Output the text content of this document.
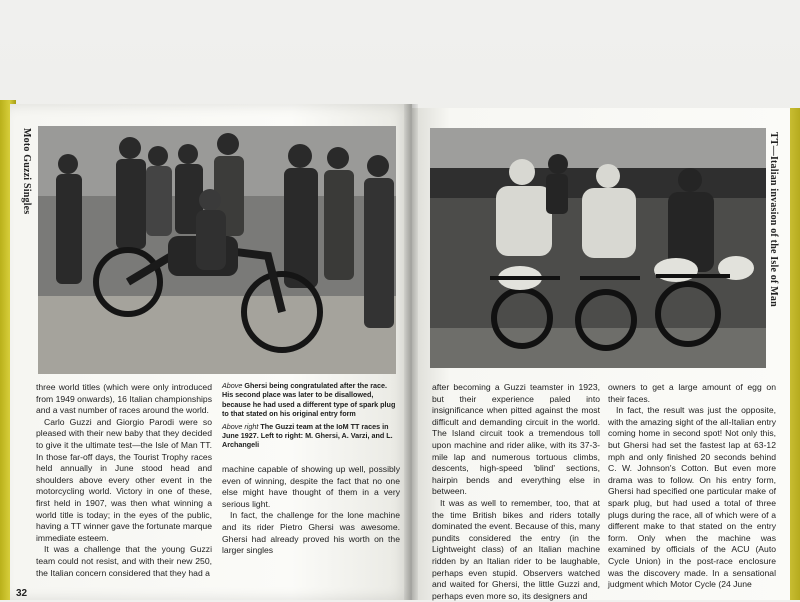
Moto Guzzi Singles	TT—Italian invasion of the Isle of Man

Above Ghersi being congratulated after the race. His second place was later to be disallowed, because he had used a different type of spark plug to that stated on his original entry form

Above right The Guzzi team at the IoM TT races in June 1927. Left to right: M. Ghersi, A. Varzi, and L. Archangeli

three world titles (which were only introduced from 1949 onwards), 16 Italian championships and a vast number of races around the world.

Carlo Guzzi and Giorgio Parodi were so pleased with their new baby that they decided to give it the ultimate test—the Isle of Man TT. In those far-off days, the Tourist Trophy races held annually in June stood head and shoulders above every other event in the motorcycling world. Victory in one of these, first held in 1907, was then what winning a world title is today; in the eyes of the public, having a TT winner gave the fortunate marque immediate esteem.

It was a challenge that the young Guzzi team could not resist, and with their new 250, the Italian concern considered that they had a

machine capable of showing up well, possibly even of winning, despite the fact that no one else might have thought of them in a very serious light.

In fact, the challenge for the lone machine and its rider Pietro Ghersi was awesome. Ghersi had already proved his worth on the larger singles

after becoming a Guzzi teamster in 1923, but their experience paled into insignificance when pitted against the most difficult and demanding circuit in the world. The Island circuit took a tremendous toll upon machine and rider alike, with its 37-3-mile lap and numerous tortuous climbs, descents, high-speed 'blind' sections, hairpin bends and everything else in between.

It was as well to remember, too, that at the time British bikes and riders totally dominated the event. Because of this, many pundits considered the entry (in the Lightweight class) of an Italian machine ridden by an Italian rider to be laughable, perhaps even stupid. Observers watched and waited for Ghersi, the little Guzzi and, perhaps even more so, its designers and

owners to get a large amount of egg on their faces.

In fact, the result was just the opposite, with the amazing sight of the all-Italian entry coming home in second spot! Not only this, but Ghersi had set the fastest lap at 63-12 mph and only finished 20 seconds behind C. W. Johnson's Cotton. But even more drama was to follow. On his entry form, Ghersi had specified one particular make of spark plug, but had used a total of three plugs during the race, all of which were of a different make to that stated on the entry form. Only when the machine was examined by officials of the ACU (Auto Cycle Union) in the post-race enclosure was the discovery made. In a sensational judgment which Motor Cycle (24 June

32
